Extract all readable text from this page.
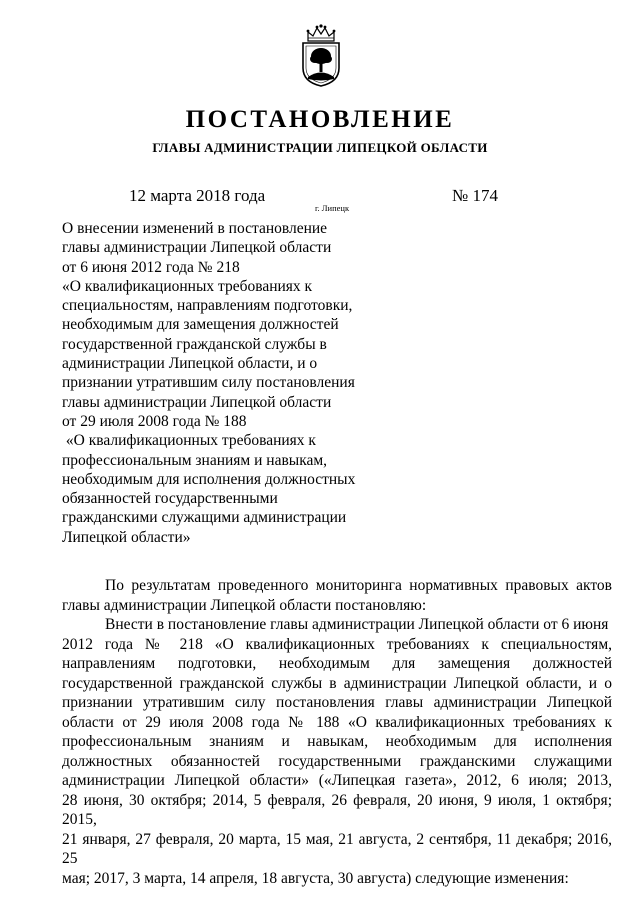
ПОСТАНОВЛЕНИЕ
ГЛАВЫ АДМИНИСТРАЦИИ ЛИПЕЦКОЙ ОБЛАСТИ
12 марта 2018 года
г. Липецк
№ 174
О внесении изменений в постановление
главы администрации Липецкой области
от 6 июня 2012 года № 218
«О квалификационных требованиях к
специальностям, направлениям подготовки,
необходимым для замещения должностей
государственной гражданской службы в
администрации Липецкой области, и о
признании утратившим силу постановления
главы администрации Липецкой области
от 29 июля 2008 года № 188
«О квалификационных требованиях к
профессиональным знаниям и навыкам,
необходимым для исполнения должностных
обязанностей государственными
гражданскими служащими администрации
Липецкой области»
По результатам проведенного мониторинга нормативных правовых актов
главы администрации Липецкой области постановляю:
Внести в постановление главы администрации Липецкой области от 6 июня
2012 года № 218 «О квалификационных требованиях к специальностям,
направлениям подготовки, необходимым для замещения должностей
государственной гражданской службы в администрации Липецкой области, и о
признании утратившим силу постановления главы администрации Липецкой
области от 29 июля 2008 года № 188 «О квалификационных требованиях к
профессиональным знаниям и навыкам, необходимым для исполнения
должностных обязанностей государственными гражданскими служащими
администрации Липецкой области» («Липецкая газета», 2012, 6 июля; 2013,
28 июня, 30 октября; 2014, 5 февраля, 26 февраля, 20 июня, 9 июля, 1 октября; 2015,
21 января, 27 февраля, 20 марта, 15 мая, 21 августа, 2 сентября, 11 декабря; 2016, 25
мая; 2017, 3 марта, 14 апреля, 18 августа, 30 августа) следующие изменения:
